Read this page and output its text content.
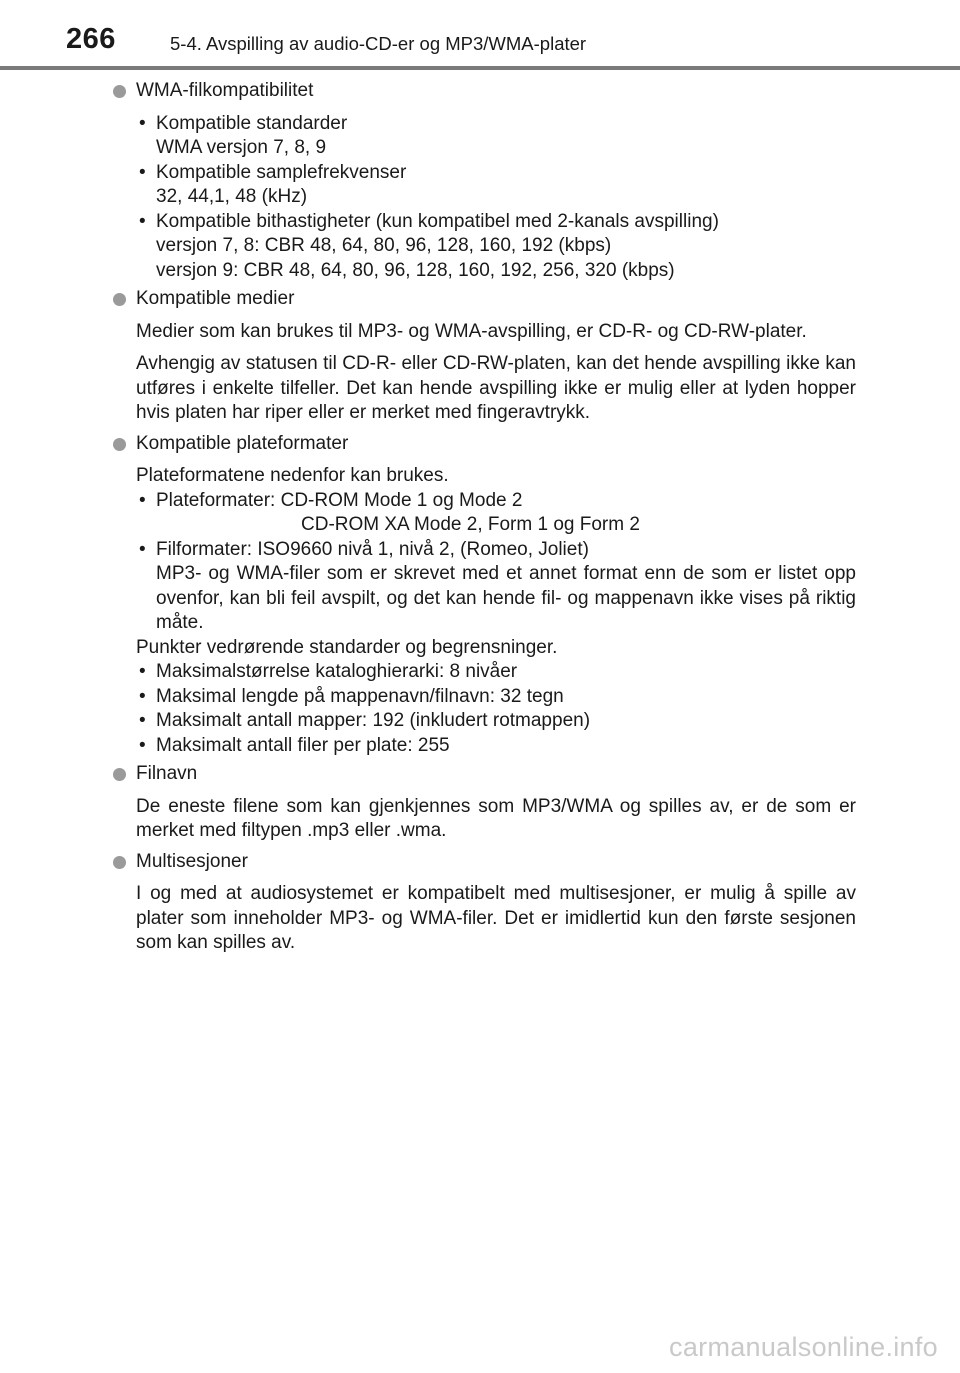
266	5-4. Avspilling av audio-CD-er og MP3/WMA-plater

WMA-filkompatibilitet

• Kompatible standarder
WMA versjon 7, 8, 9
• Kompatible samplefrekvenser
32, 44,1, 48 (kHz)
• Kompatible bithastigheter (kun kompatibel med 2-kanals avspilling)
versjon 7, 8: CBR 48, 64, 80, 96, 128, 160, 192 (kbps)
versjon 9: CBR 48, 64, 80, 96, 128, 160, 192, 256, 320 (kbps)

Kompatible medier

Medier som kan brukes til MP3- og WMA-avspilling, er CD-R- og CD-RW-plater.

Avhengig av statusen til CD-R- eller CD-RW-platen, kan det hende avspilling ikke kan utføres i enkelte tilfeller. Det kan hende avspilling ikke er mulig eller at lyden hopper hvis platen har riper eller er merket med fingeravtrykk.

Kompatible plateformater

Plateformatene nedenfor kan brukes.

• Plateformater: CD-ROM Mode 1 og Mode 2
CD-ROM XA Mode 2, Form 1 og Form 2
• Filformater: ISO9660 nivå 1, nivå 2, (Romeo, Joliet)
MP3- og WMA-filer som er skrevet med et annet format enn de som er listet opp ovenfor, kan bli feil avspilt, og det kan hende fil- og mappenavn ikke vises på riktig måte.

Punkter vedrørende standarder og begrensninger.

• Maksimalstørrelse kataloghierarki: 8 nivåer
• Maksimal lengde på mappenavn/filnavn: 32 tegn
• Maksimalt antall mapper: 192 (inkludert rotmappen)
• Maksimalt antall filer per plate: 255

Filnavn

De eneste filene som kan gjenkjennes som MP3/WMA og spilles av, er de som er merket med filtypen .mp3 eller .wma.

Multisesjoner

I og med at audiosystemet er kompatibelt med multisesjoner, er mulig å spille av plater som inneholder MP3- og WMA-filer. Det er imidlertid kun den første sesjonen som kan spilles av.

carmanualsonline.info
